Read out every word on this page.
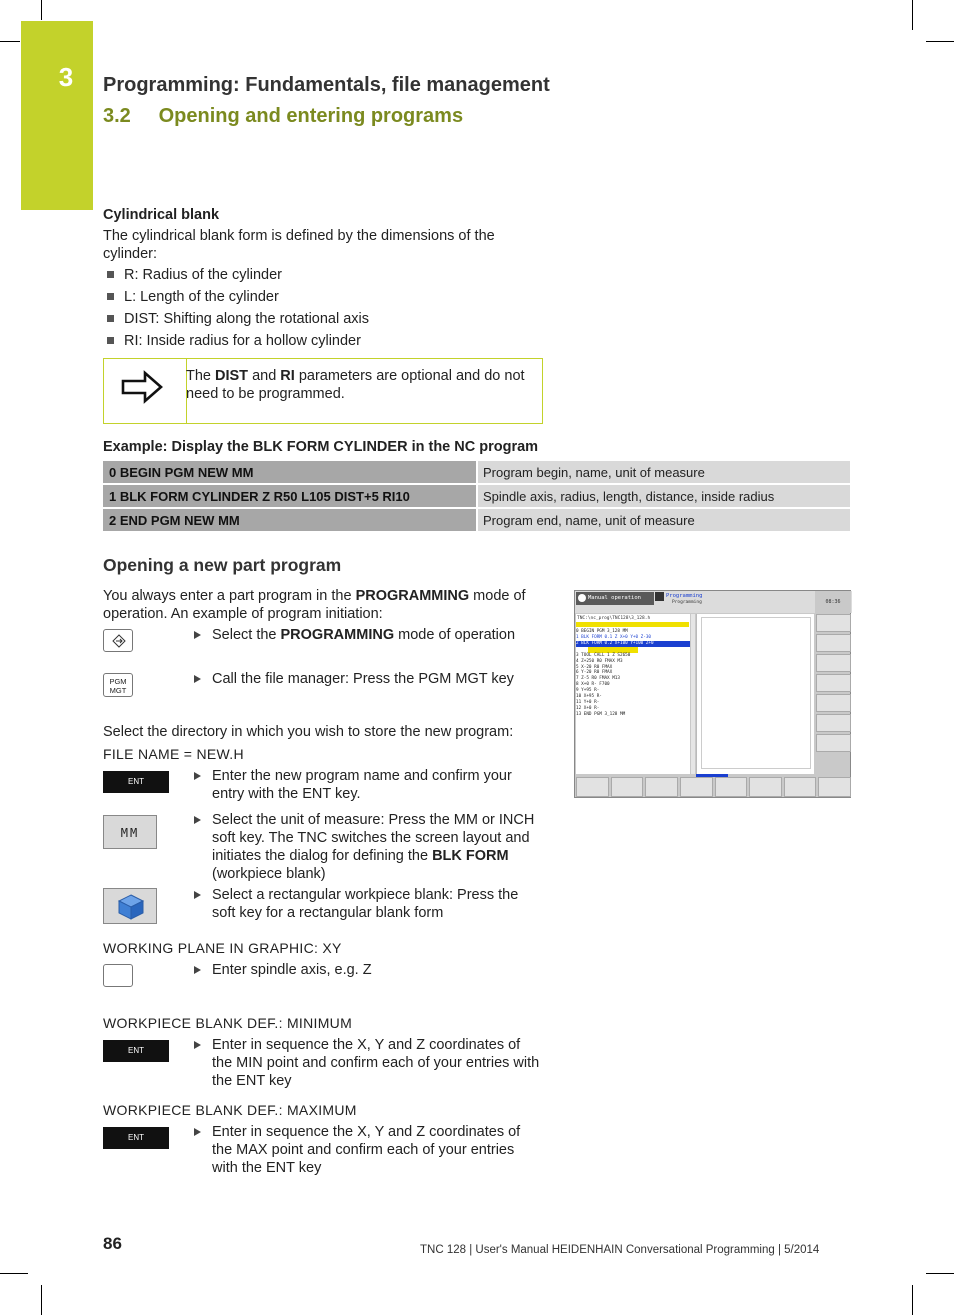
3	Programming: Fundamentals, file management
3.2 Opening and entering programs
Cylindrical blank
The cylindrical blank form is defined by the dimensions of the cylinder:
R: Radius of the cylinder
L: Length of the cylinder
DIST: Shifting along the rotational axis
RI: Inside radius for a hollow cylinder
The DIST and RI parameters are optional and do not need to be programmed.
Example: Display the BLK FORM CYLINDER in the NC program
0 BEGIN PGM NEW MM	Program begin, name, unit of measure
1 BLK FORM CYLINDER Z R50 L105 DIST+5 RI10	Spindle axis, radius, length, distance, inside radius
2 END PGM NEW MM	Program end, name, unit of measure
Opening a new part program
You always enter a part program in the PROGRAMMING mode of operation. An example of program initiation:
Select the PROGRAMMING mode of operation
PGM
MGT
Call the file manager: Press the PGM MGT key
Select the directory in which you wish to store the new program:
FILE NAME = NEW.H
ENT	Enter the new program name and confirm your entry with the ENT key.
MM
Select the unit of measure: Press the MM or INCH soft key. The TNC switches the screen layout and initiates the dialog for defining the BLK FORM (workpiece blank)
Select a rectangular workpiece blank: Press the soft key for a rectangular blank form
WORKING PLANE IN GRAPHIC: XY
Enter spindle axis, e.g. Z
WORKPIECE BLANK DEF.: MINIMUM
ENT	Enter in sequence the X, Y and Z coordinates of the MIN point and confirm each of your entries with the ENT key
WORKPIECE BLANK DEF.: MAXIMUM
ENT	Enter in sequence the X, Y and Z coordinates of the MAX point and confirm each of your entries with the ENT key
Manual operation	Programming
Programming	08:36
TNC:\nc_prog\TNC128\3_128.h
0 BEGIN PGM 3_128 MM
1 BLK FORM 0.1 Z X+0 Y+0 Z-30
2 BLK FORM 0.2 X+100 Y+100 Z+0
3 TOOL CALL 1 Z S2650
4 Z+250 R0 FMAX M3
5 X-20 R0 FMAX
6 Y-20 R0 FMAX
7 Z-5 R0 FMAX M13
8 X+0 R- F700
9 Y+95 R-
10 X+95 R-
11 Y+0 R-
12 X+0 R-
13 END PGM 3_128 MM
86	TNC 128 | User's Manual HEIDENHAIN Conversational Programming | 5/2014
